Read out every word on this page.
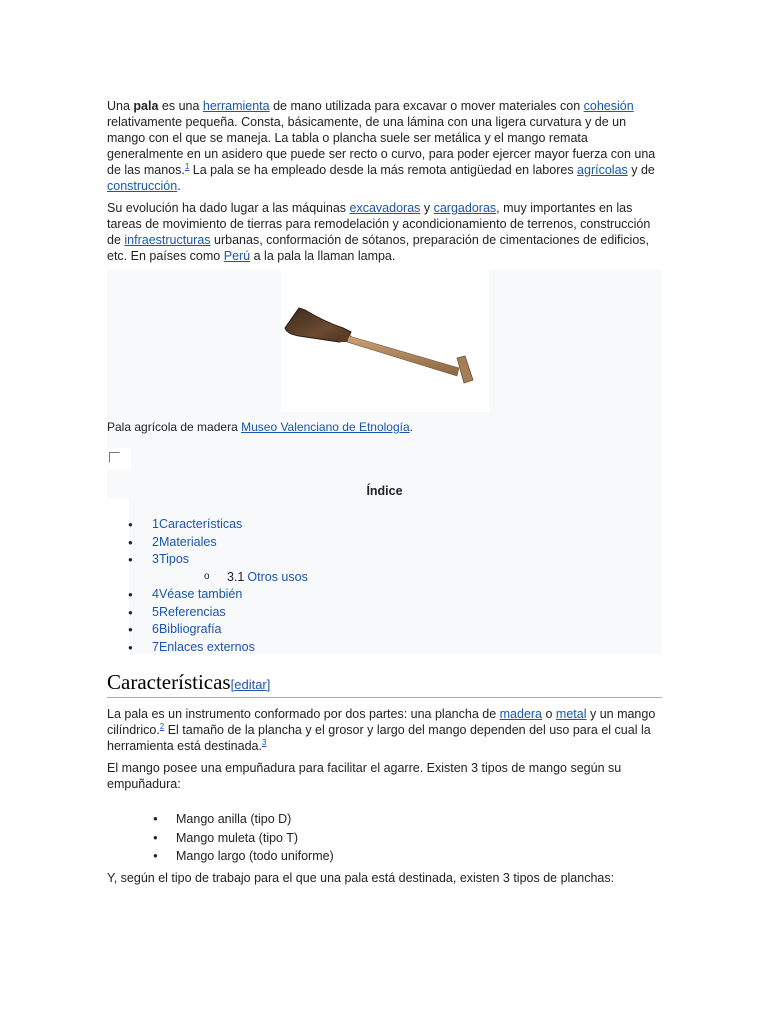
Una pala es una herramienta de mano utilizada para excavar o mover materiales con cohesión relativamente pequeña. Consta, básicamente, de una lámina con una ligera curvatura y de un mango con el que se maneja. La tabla o plancha suele ser metálica y el mango remata generalmente en un asidero que puede ser recto o curvo, para poder ejercer mayor fuerza con una de las manos.$^1$ La pala se ha empleado desde la más remota antigüedad en labores agrícolas y de construcción.

Su evolución ha dado lugar a las máquinas excavadoras y cargadoras, muy importantes en las tareas de movimiento de tierras para remodelación y acondicionamiento de terrenos, construcción de infraestructuras urbanas, conformación de sótanos, preparación de cimentaciones de edificios, etc. En países como Perú a la pala la llaman lampa.

Pala agrícola de madera Museo Valenciano de Etnología.

Índice
● 1Características
● 2Materiales
● 3Tipos
o 3.1 Otros usos
● 4Véase también
● 5Referencias
● 6Bibliografía
● 7Enlaces externos
Características[editar]

La pala es un instrumento conformado por dos partes: una plancha de madera o metal y un mango cilíndrico.$^2$ El tamaño de la plancha y el grosor y largo del mango dependen del uso para el cual la herramienta está destinada.$^3$

El mango posee una empuñadura para facilitar el agarre. Existen 3 tipos de mango según su empuñadura:

● Mango anilla (tipo D)
● Mango muleta (tipo T)
● Mango largo (todo uniforme)

Y, según el tipo de trabajo para el que una pala está destinada, existen 3 tipos de planchas:
